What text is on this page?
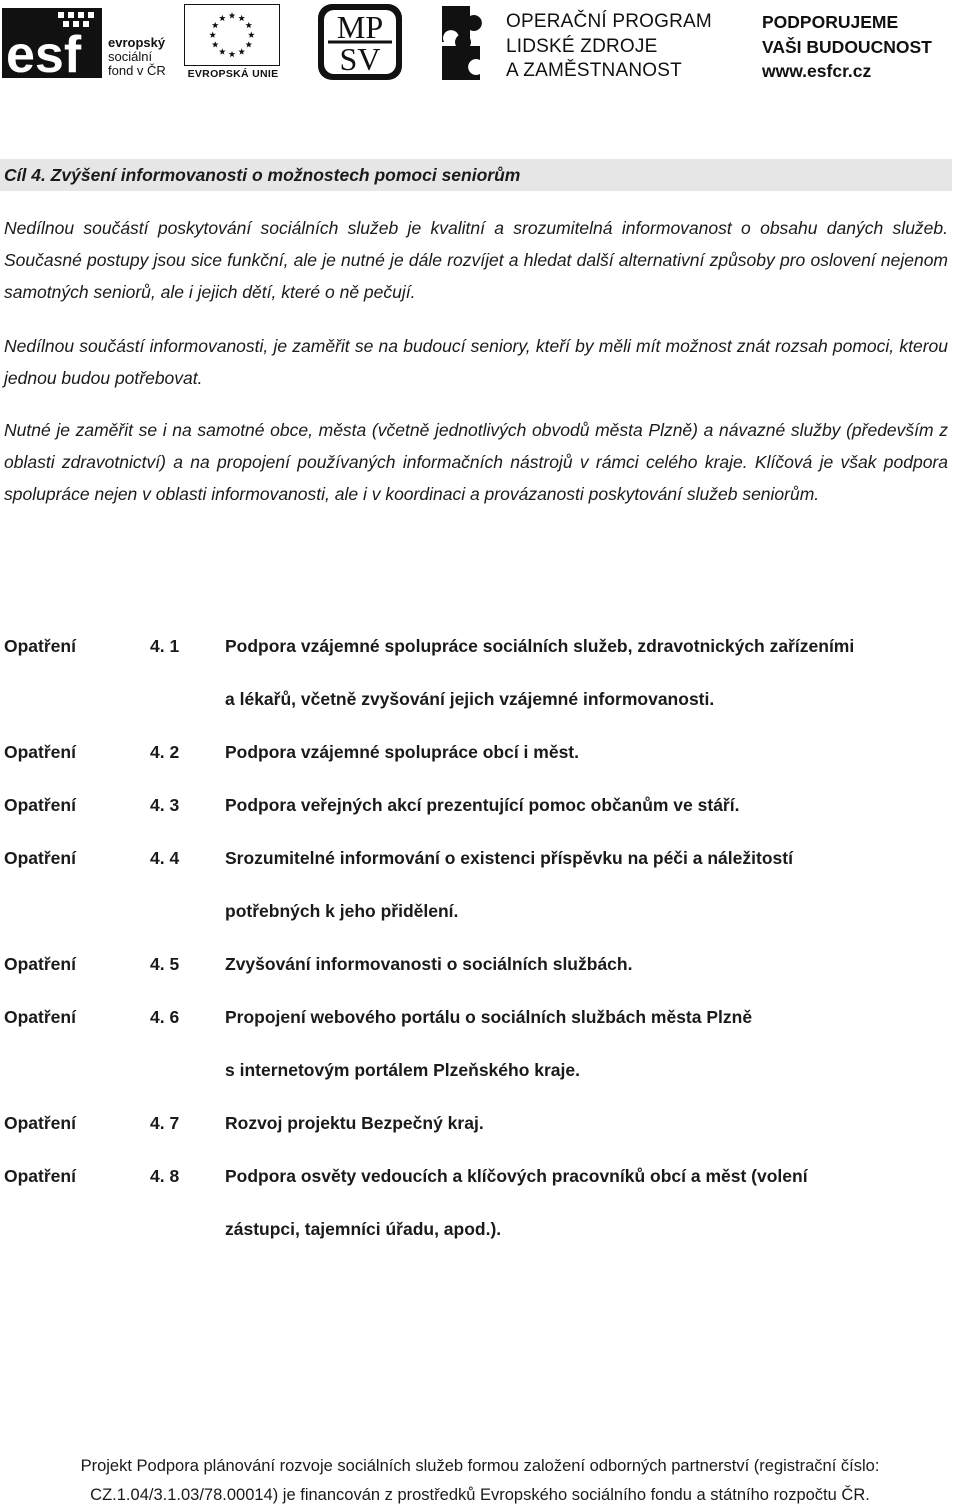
esf evropský
sociální
fond v ČR	EVROPSKÁ UNIE
MP
SV
OPERAČNÍ PROGRAM
LIDSKÉ ZDROJE
A ZAMĚSTNANOST
PODPORUJEME
VAŠI BUDOUCNOST
www.esfcr.cz
Cíl 4. Zvýšení informovanosti o možnostech pomoci seniorům

Nedílnou součástí poskytování sociálních služeb je kvalitní a srozumitelná informovanost o obsahu daných služeb. Současné postupy jsou sice funkční, ale je nutné je dále rozvíjet a hledat další alternativní způsoby pro oslovení nejenom samotných seniorů, ale i jejich dětí, které o ně pečují.

Nedílnou součástí informovanosti, je zaměřit se na budoucí seniory, kteří by měli mít možnost znát rozsah pomoci, kterou jednou budou potřebovat.

Nutné je zaměřit se i na samotné obce, města (včetně jednotlivých obvodů města Plzně) a návazné služby (především z oblasti zdravotnictví) a na propojení používaných informačních nástrojů v rámci celého kraje. Klíčová je však podpora spolupráce nejen v oblasti informovanosti, ale i v koordinaci a provázanosti poskytování služeb seniorům.

Opatření	4. 1	Podpora vzájemné spolupráce sociálních služeb, zdravotnických zařízeními
a lékařů, včetně zvyšování jejich vzájemné informovanosti.
Opatření	4. 2	Podpora vzájemné spolupráce obcí i měst.
Opatření	4. 3	Podpora veřejných akcí prezentující pomoc občanům ve stáří.
Opatření	4. 4	Srozumitelné informování o existenci příspěvku na péči a náležitostí
potřebných k jeho přidělení.
Opatření	4. 5	Zvyšování informovanosti o sociálních službách.
Opatření	4. 6	Propojení webového portálu o sociálních službách města Plzně
s internetovým portálem Plzeňského kraje.
Opatření	4. 7	Rozvoj projektu Bezpečný kraj.
Opatření	4. 8	Podpora osvěty vedoucích a klíčových pracovníků obcí a měst (volení
zástupci, tajemníci úřadu, apod.).
Projekt Podpora plánování rozvoje sociálních služeb formou založení odborných partnerství (registrační číslo:
CZ.1.04/3.1.03/78.00014) je financován z prostředků Evropského sociálního fondu a státního rozpočtu ČR.
